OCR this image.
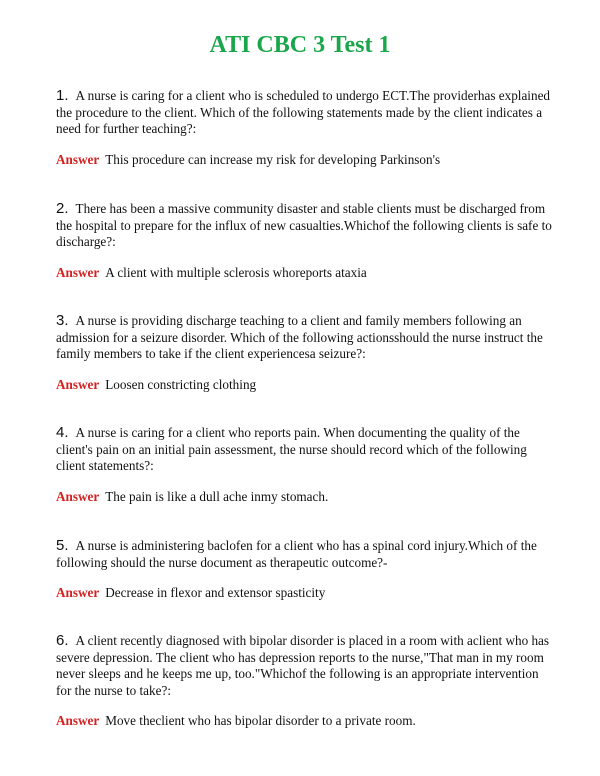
ATI CBC 3 Test 1

1. A nurse is caring for a client who is scheduled to undergo ECT.The providerhas explained the procedure to the client. Which of the following statements made by the client indicates a need for further teaching?:

Answer This procedure can increase my risk for developing Parkinson's

2. There has been a massive community disaster and stable clients must be discharged from the hospital to prepare for the influx of new casualties.Whichof the following clients is safe to discharge?:

Answer A client with multiple sclerosis whoreports ataxia

3. A nurse is providing discharge teaching to a client and family members following an admission for a seizure disorder. Which of the following actionsshould the nurse instruct the family members to take if the client experiencesa seizure?:

Answer Loosen constricting clothing

4. A nurse is caring for a client who reports pain. When documenting the quality of the client's pain on an initial pain assessment, the nurse should record which of the following client statements?:

Answer The pain is like a dull ache inmy stomach.

5. A nurse is administering baclofen for a client who has a spinal cord injury.Which of the following should the nurse document as therapeutic outcome?-

Answer Decrease in flexor and extensor spasticity

6. A client recently diagnosed with bipolar disorder is placed in a room with aclient who has severe depression. The client who has depression reports to the nurse,"That man in my room never sleeps and he keeps me up, too."Whichof the following is an appropriate intervention for the nurse to take?:

Answer Move theclient who has bipolar disorder to a private room.
